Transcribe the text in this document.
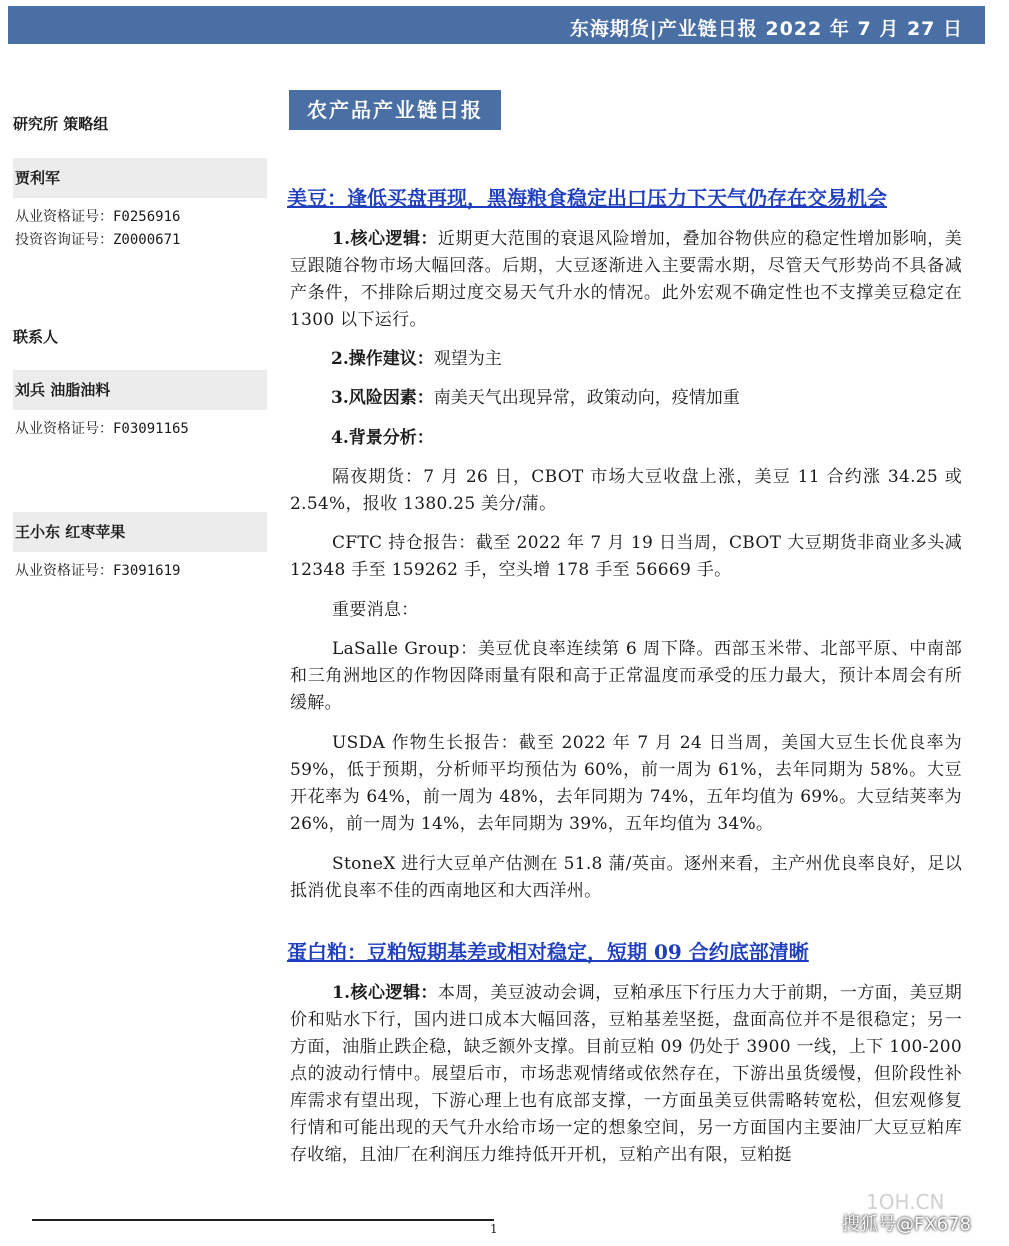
东海期货|产业链日报 2022 年 7 月 27 日
研究所 策略组
贾利军
从业资格证号：F0256916
投资咨询证号：Z0000671
联系人
刘兵 油脂油料
从业资格证号：F03091165
王小东 红枣苹果
从业资格证号：F3091619
农产品产业链日报
美豆：逢低买盘再现，黑海粮食稳定出口压力下天气仍存在交易机会
1.核心逻辑：近期更大范围的衰退风险增加，叠加谷物供应的稳定性增加影响，美豆跟随谷物市场大幅回落。后期，大豆逐渐进入主要需水期，尽管天气形势尚不具备减产条件，不排除后期过度交易天气升水的情况。此外宏观不确定性也不支撑美豆稳定在 1300 以下运行。
2.操作建议：观望为主
3.风险因素：南美天气出现异常，政策动向，疫情加重
4.背景分析：
隔夜期货：7 月 26 日，CBOT 市场大豆收盘上涨，美豆 11 合约涨 34.25 或 2.54%，报收 1380.25 美分/蒲。
CFTC 持仓报告：截至 2022 年 7 月 19 日当周，CBOT 大豆期货非商业多头减 12348 手至 159262 手，空头增 178 手至 56669 手。
重要消息：
LaSalle Group：美豆优良率连续第 6 周下降。西部玉米带、北部平原、中南部和三角洲地区的作物因降雨量有限和高于正常温度而承受的压力最大，预计本周会有所缓解。
USDA 作物生长报告：截至 2022 年 7 月 24 日当周，美国大豆生长优良率为 59%，低于预期，分析师平均预估为 60%，前一周为 61%，去年同期为 58%。大豆开花率为 64%，前一周为 48%，去年同期为 74%，五年均值为 69%。大豆结荚率为 26%，前一周为 14%，去年同期为 39%，五年均值为 34%。
StoneX 进行大豆单产估测在 51.8 蒲/英亩。逐州来看，主产州优良率良好，足以抵消优良率不佳的西南地区和大西洋州。
蛋白粕：豆粕短期基差或相对稳定，短期 09 合约底部清晰
1.核心逻辑：本周，美豆波动会调，豆粕承压下行压力大于前期，一方面，美豆期价和贴水下行，国内进口成本大幅回落，豆粕基差坚挺，盘面高位并不是很稳定；另一方面，油脂止跌企稳，缺乏额外支撑。目前豆粕 09 仍处于 3900 一线，上下 100-200 点的波动行情中。展望后市，市场悲观情绪或依然存在，下游出虽货缓慢，但阶段性补库需求有望出现，下游心理上也有底部支撑，一方面虽美豆供需略转宽松，但宏观修复行情和可能出现的天气升水给市场一定的想象空间，另一方面国内主要油厂大豆豆粕库存收缩，且油厂在利润压力维持低开开机，豆粕产出有限，豆粕挺
1
1OH.CN
搜狐号@FX678
